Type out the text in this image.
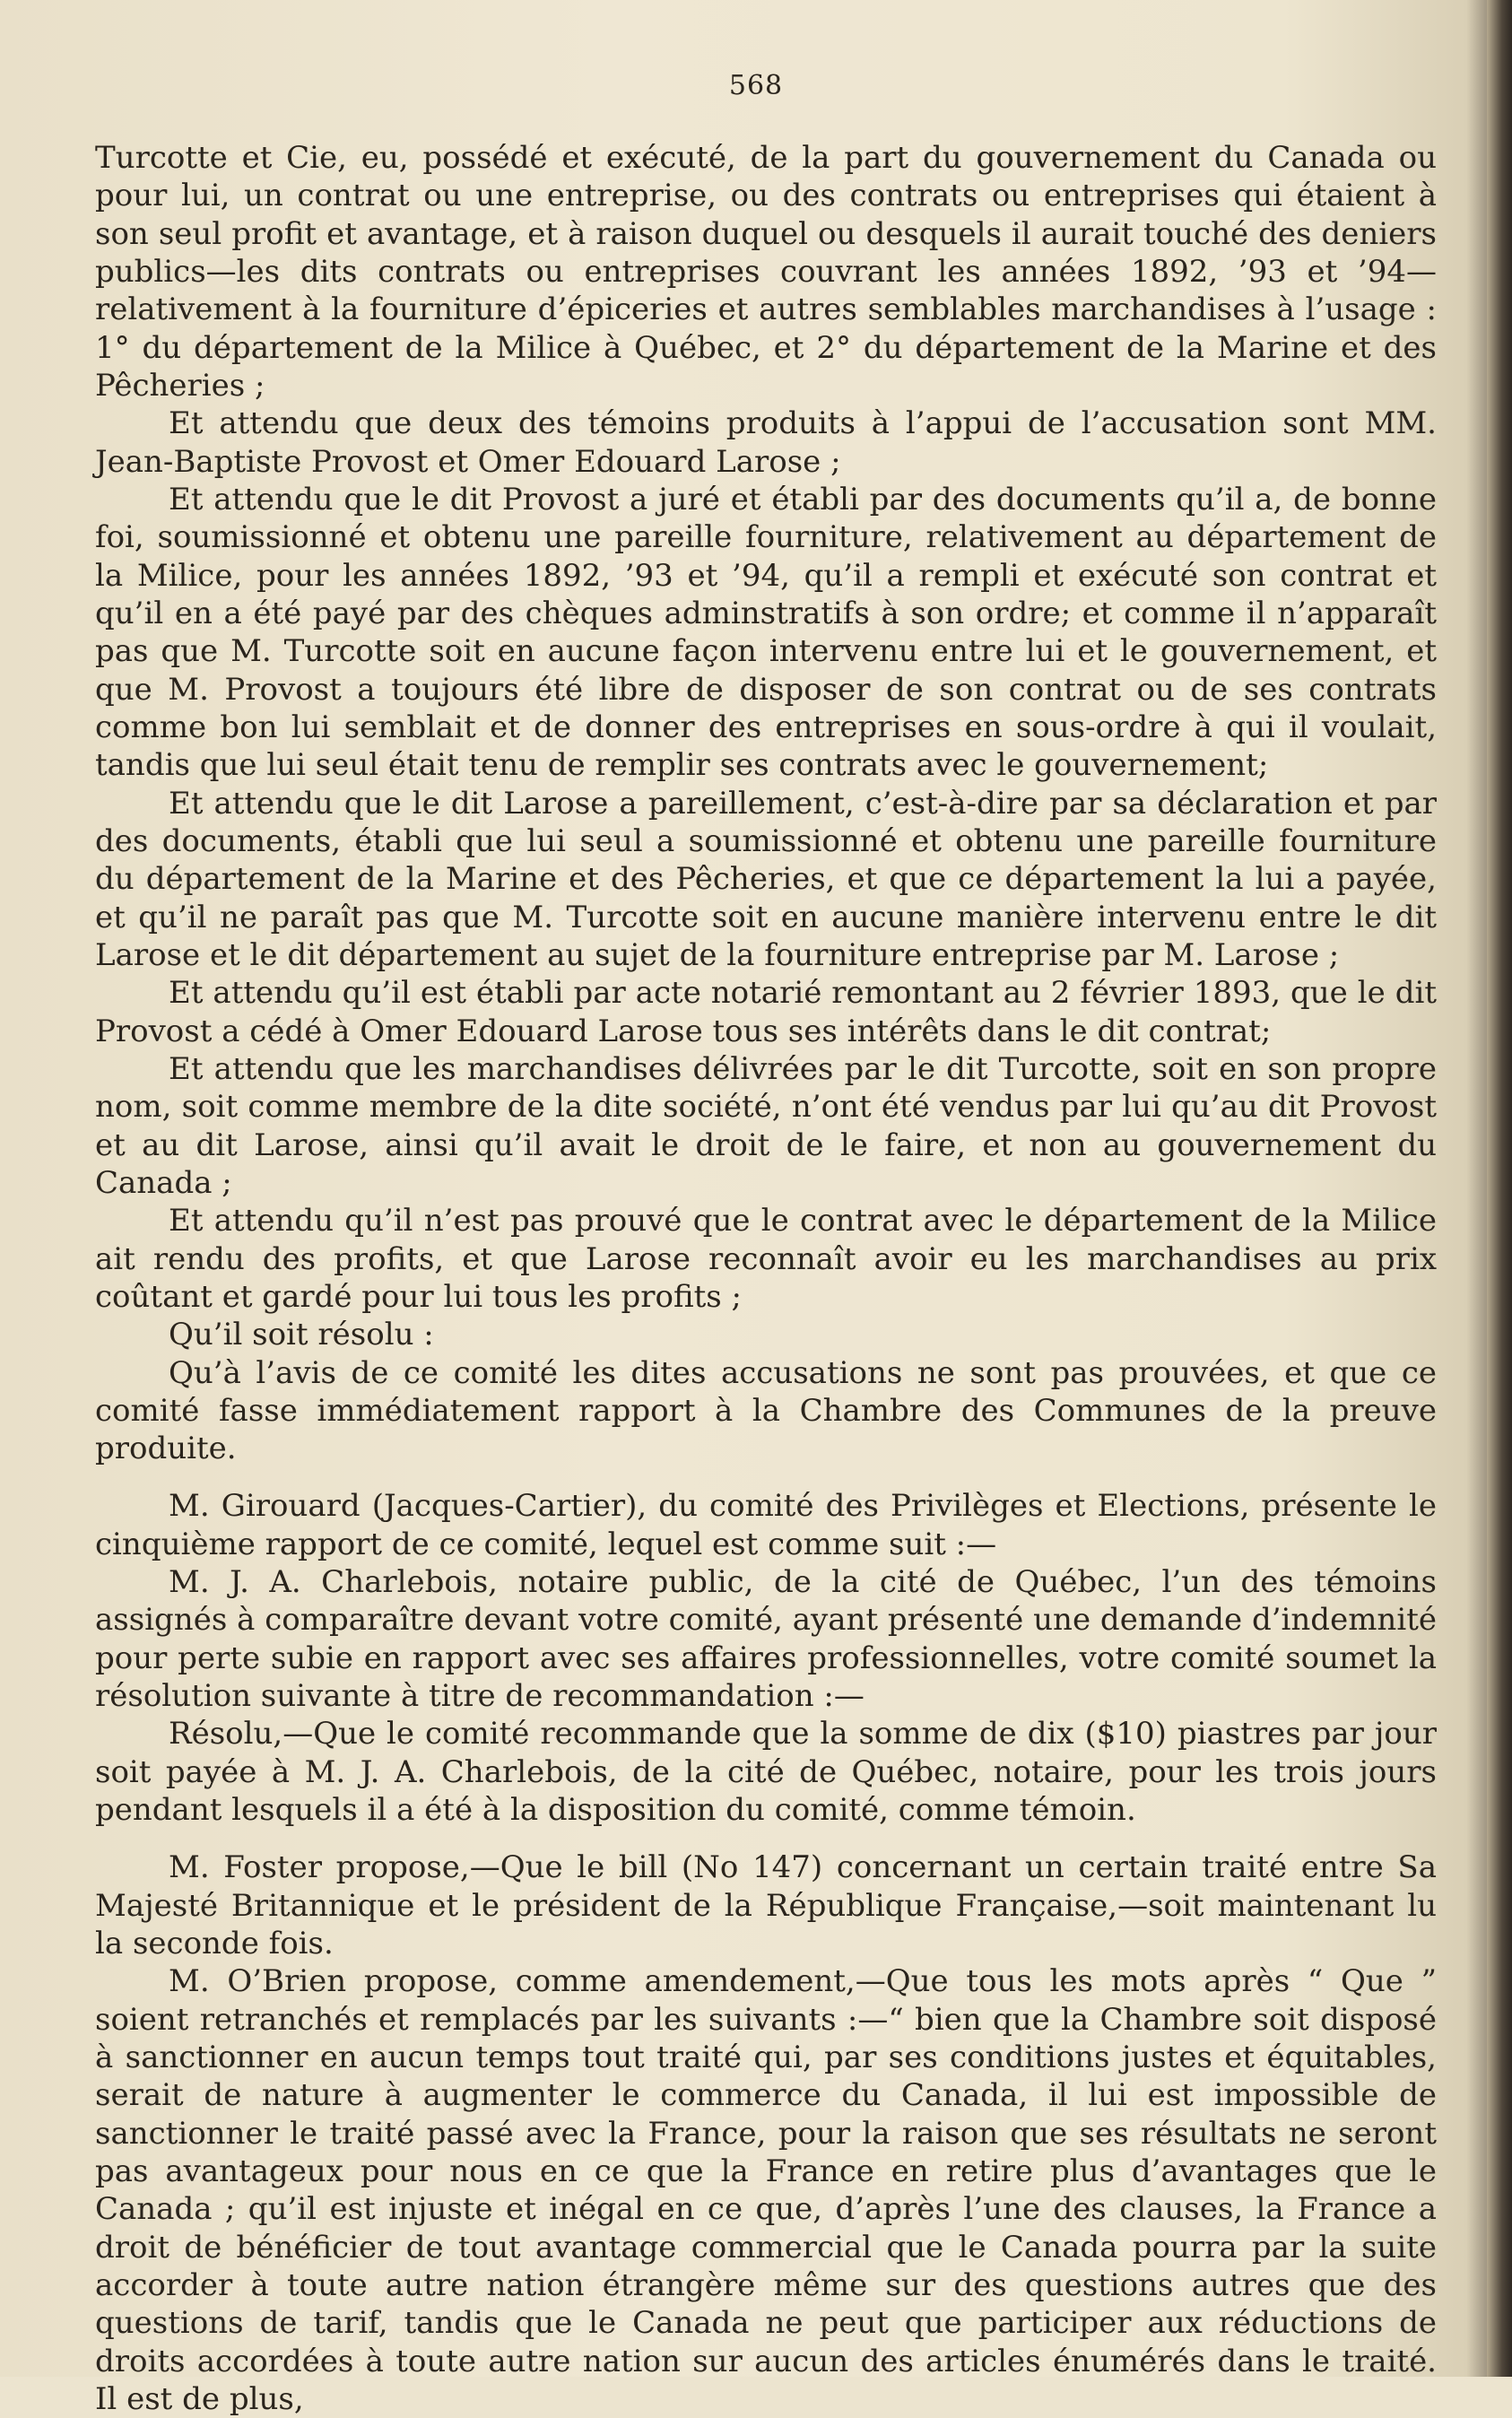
568

Turcotte et Cie, eu, possédé et exécuté, de la part du gouvernement du Canada ou pour lui, un contrat ou une entreprise, ou des contrats ou entreprises qui étaient à son seul profit et avantage, et à raison duquel ou desquels il aurait touché des deniers publics—les dits contrats ou entreprises couvrant les années 1892, ’93 et ’94—relativement à la fourniture d’épiceries et autres semblables marchandises à l’usage : 1° du département de la Milice à Québec, et 2° du département de la Marine et des Pêcheries ;

Et attendu que deux des témoins produits à l’appui de l’accusation sont MM. Jean-Baptiste Provost et Omer Edouard Larose ;

Et attendu que le dit Provost a juré et établi par des documents qu’il a, de bonne foi, soumissionné et obtenu une pareille fourniture, relativement au département de la Milice, pour les années 1892, ’93 et ’94, qu’il a rempli et exécuté son contrat et qu’il en a été payé par des chèques adminstratifs à son ordre; et comme il n’apparaît pas que M. Turcotte soit en aucune façon intervenu entre lui et le gouvernement, et que M. Provost a toujours été libre de disposer de son contrat ou de ses contrats comme bon lui semblait et de donner des entreprises en sous-ordre à qui il voulait, tandis que lui seul était tenu de remplir ses contrats avec le gouvernement;

Et attendu que le dit Larose a pareillement, c’est-à-dire par sa déclaration et par des documents, établi que lui seul a soumissionné et obtenu une pareille fourniture du département de la Marine et des Pêcheries, et que ce département la lui a payée, et qu’il ne paraît pas que M. Turcotte soit en aucune manière intervenu entre le dit Larose et le dit département au sujet de la fourniture entreprise par M. Larose ;

Et attendu qu’il est établi par acte notarié remontant au 2 février 1893, que le dit Provost a cédé à Omer Edouard Larose tous ses intérêts dans le dit contrat;

Et attendu que les marchandises délivrées par le dit Turcotte, soit en son propre nom, soit comme membre de la dite société, n’ont été vendus par lui qu’au dit Provost et au dit Larose, ainsi qu’il avait le droit de le faire, et non au gouvernement du Canada ;

Et attendu qu’il n’est pas prouvé que le contrat avec le département de la Milice ait rendu des profits, et que Larose reconnaît avoir eu les marchandises au prix coûtant et gardé pour lui tous les profits ;

Qu’il soit résolu :

Qu’à l’avis de ce comité les dites accusations ne sont pas prouvées, et que ce comité fasse immédiatement rapport à la Chambre des Communes de la preuve produite.

M. Girouard (Jacques-Cartier), du comité des Privilèges et Elections, présente le cinquième rapport de ce comité, lequel est comme suit :—

M. J. A. Charlebois, notaire public, de la cité de Québec, l’un des témoins assignés à comparaître devant votre comité, ayant présenté une demande d’indemnité pour perte subie en rapport avec ses affaires professionnelles, votre comité soumet la résolution suivante à titre de recommandation :—

Résolu,—Que le comité recommande que la somme de dix ($10) piastres par jour soit payée à M. J. A. Charlebois, de la cité de Québec, notaire, pour les trois jours pendant lesquels il a été à la disposition du comité, comme témoin.

M. Foster propose,—Que le bill (No 147) concernant un certain traité entre Sa Majesté Britannique et le président de la République Française,—soit maintenant lu la seconde fois.

M. O’Brien propose, comme amendement,—Que tous les mots après “ Que ” soient retranchés et remplacés par les suivants :—“ bien que la Chambre soit disposé à sanctionner en aucun temps tout traité qui, par ses conditions justes et équitables, serait de nature à augmenter le commerce du Canada, il lui est impossible de sanctionner le traité passé avec la France, pour la raison que ses résultats ne seront pas avantageux pour nous en ce que la France en retire plus d’avantages que le Canada ; qu’il est injuste et inégal en ce que, d’après l’une des clauses, la France a droit de bénéficier de tout avantage commercial que le Canada pourra par la suite accorder à toute autre nation étrangère même sur des questions autres que des questions de tarif, tandis que le Canada ne peut que participer aux réductions de droits accordées à toute autre nation sur aucun des articles énumérés dans le traité. Il est de plus,
